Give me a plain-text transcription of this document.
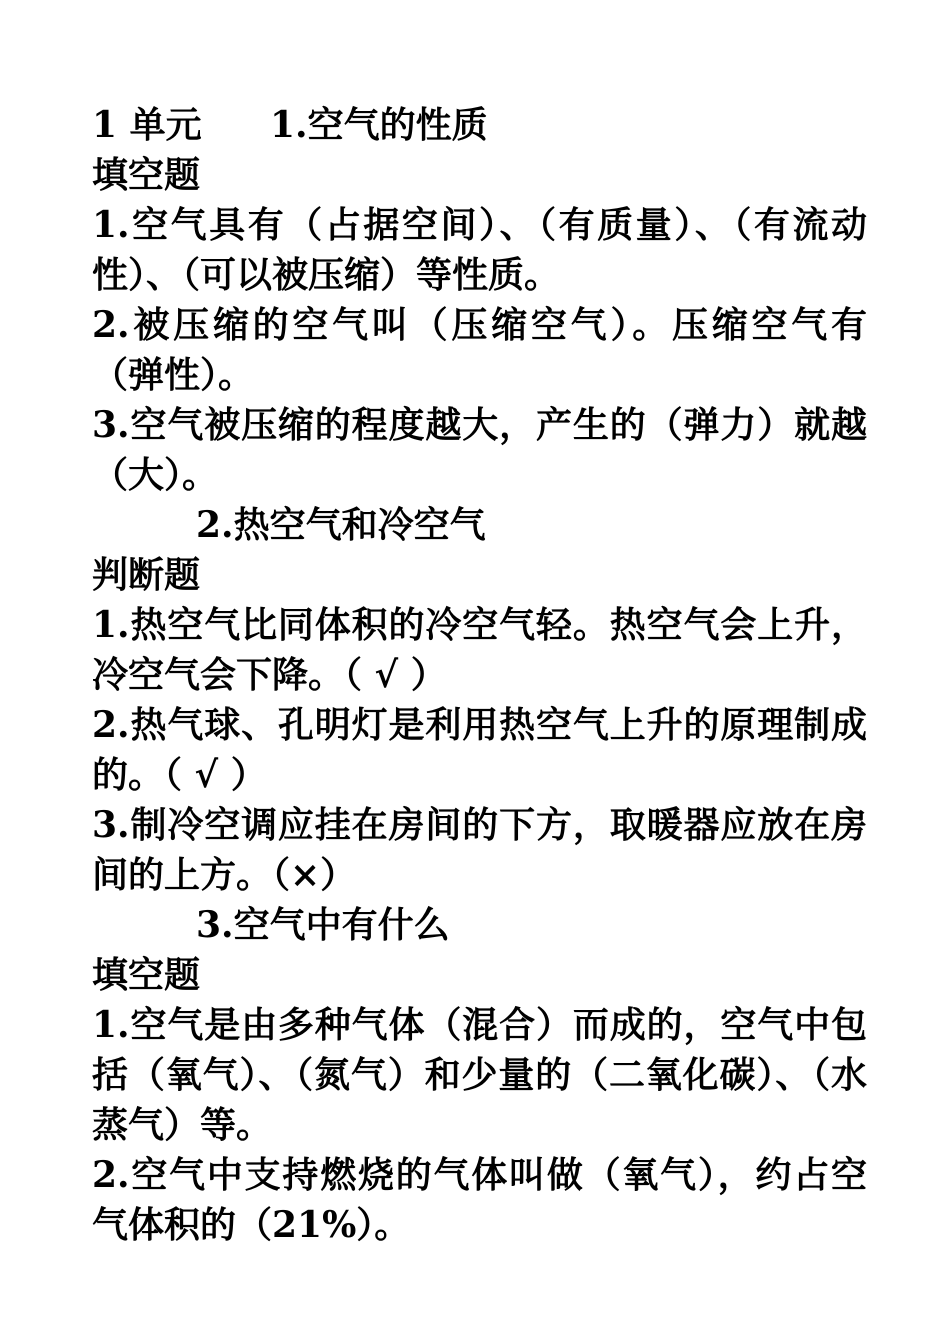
1 单元 1.空气的性质
填空题
1.空气具有（占据空间）、（有质量）、（有流动性）、（可以被压缩）等性质。
2.被压缩的空气叫（压缩空气）。压缩空气有（弹性）。
3.空气被压缩的程度越大，产生的（弹力）就越（大）。
2.热空气和冷空气
判断题
1.热空气比同体积的冷空气轻。热空气会上升，冷空气会下降。（ √ ）
2.热气球、孔明灯是利用热空气上升的原理制成的。（ √ ）
3.制冷空调应挂在房间的下方，取暖器应放在房间的上方。（×）
3.空气中有什么
填空题
1.空气是由多种气体（混合）而成的，空气中包括（氧气）、（氮气）和少量的（二氧化碳）、（水蒸气）等。
2.空气中支持燃烧的气体叫做（氧气），约占空气体积的（21%）。
